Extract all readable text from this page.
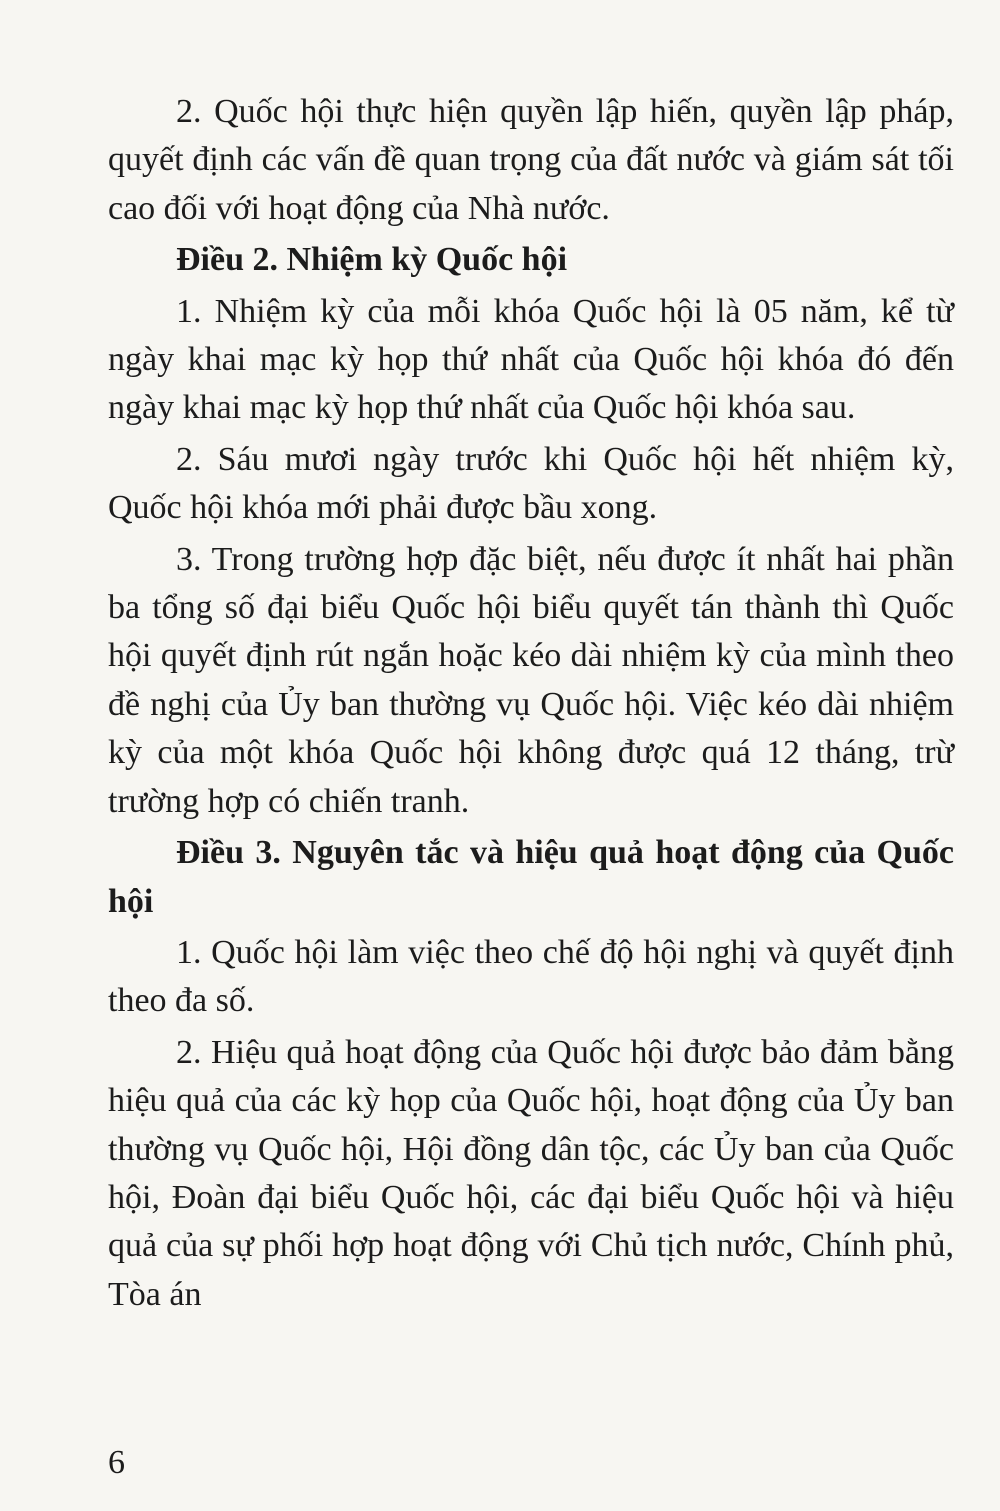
2. Quốc hội thực hiện quyền lập hiến, quyền lập pháp, quyết định các vấn đề quan trọng của đất nước và giám sát tối cao đối với hoạt động của Nhà nước.

Điều 2. Nhiệm kỳ Quốc hội

1. Nhiệm kỳ của mỗi khóa Quốc hội là 05 năm, kể từ ngày khai mạc kỳ họp thứ nhất của Quốc hội khóa đó đến ngày khai mạc kỳ họp thứ nhất của Quốc hội khóa sau.

2. Sáu mươi ngày trước khi Quốc hội hết nhiệm kỳ, Quốc hội khóa mới phải được bầu xong.

3. Trong trường hợp đặc biệt, nếu được ít nhất hai phần ba tổng số đại biểu Quốc hội biểu quyết tán thành thì Quốc hội quyết định rút ngắn hoặc kéo dài nhiệm kỳ của mình theo đề nghị của Ủy ban thường vụ Quốc hội. Việc kéo dài nhiệm kỳ của một khóa Quốc hội không được quá 12 tháng, trừ trường hợp có chiến tranh.

Điều 3. Nguyên tắc và hiệu quả hoạt động của Quốc hội

1. Quốc hội làm việc theo chế độ hội nghị và quyết định theo đa số.

2. Hiệu quả hoạt động của Quốc hội được bảo đảm bằng hiệu quả của các kỳ họp của Quốc hội, hoạt động của Ủy ban thường vụ Quốc hội, Hội đồng dân tộc, các Ủy ban của Quốc hội, Đoàn đại biểu Quốc hội, các đại biểu Quốc hội và hiệu quả của sự phối hợp hoạt động với Chủ tịch nước, Chính phủ, Tòa án

6
